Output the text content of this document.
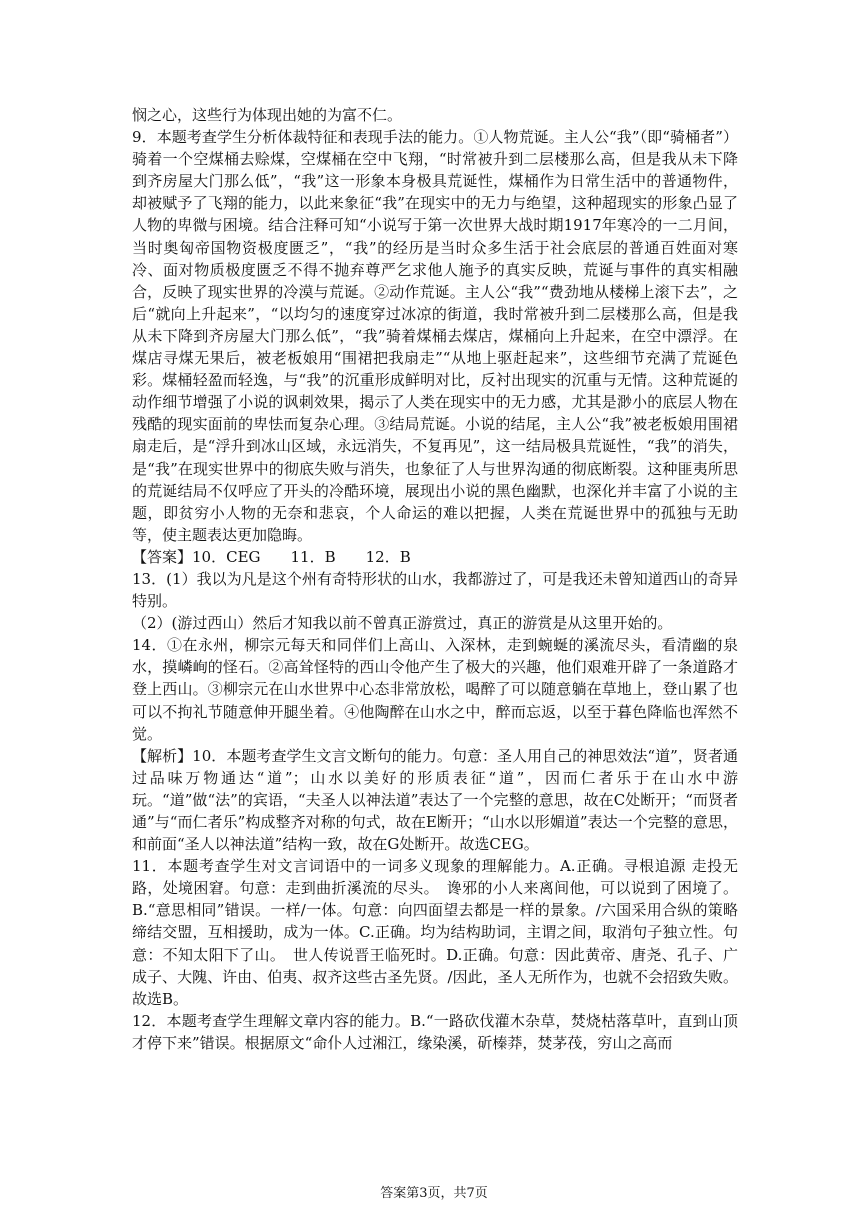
悯之心，这些行为体现出她的为富不仁。

9．本题考查学生分析体裁特征和表现手法的能力。①人物荒诞。主人公“我”（即“骑桶者”）骑着一个空煤桶去赊煤，空煤桶在空中飞翔，“时常被升到二层楼那么高，但是我从未下降到齐房屋大门那么低”，“我”这一形象本身极具荒诞性，煤桶作为日常生活中的普通物件，却被赋予了飞翔的能力，以此来象征“我”在现实中的无力与绝望，这种超现实的形象凸显了人物的卑微与困境。结合注释可知“小说写于第一次世界大战时期1917年寒冷的一二月间，当时奥匈帝国物资极度匮乏”，“我”的经历是当时众多生活于社会底层的普通百姓面对寒冷、面对物质极度匮乏不得不抛弃尊严乞求他人施予的真实反映，荒诞与事件的真实相融合，反映了现实世界的冷漠与荒诞。②动作荒诞。主人公“我”“费劲地从楼梯上滚下去”，之后“就向上升起来”，“以均匀的速度穿过冰凉的街道，我时常被升到二层楼那么高，但是我从未下降到齐房屋大门那么低”，“我”骑着煤桶去煤店，煤桶向上升起来，在空中漂浮。在煤店寻煤无果后，被老板娘用“围裙把我扇走”“从地上驱赶起来”，这些细节充满了荒诞色彩。煤桶轻盈而轻逸，与“我”的沉重形成鲜明对比，反衬出现实的沉重与无情。这种荒诞的动作细节增强了小说的讽刺效果，揭示了人类在现实中的无力感，尤其是渺小的底层人物在残酷的现实面前的卑怯而复杂心理。③结局荒诞。小说的结尾，主人公“我”被老板娘用围裙扇走后，是“浮升到冰山区域，永远消失，不复再见”，这一结局极具荒诞性，“我”的消失，是“我”在现实世界中的彻底失败与消失，也象征了人与世界沟通的彻底断裂。这种匪夷所思的荒诞结局不仅呼应了开头的冷酷环境，展现出小说的黑色幽默，也深化并丰富了小说的主题，即贫穷小人物的无奈和悲哀，个人命运的难以把握，人类在荒诞世界中的孤独与无助等，使主题表达更加隐晦。

【答案】10．CEG　　11．B　　12．B

13．(1）我以为凡是这个州有奇特形状的山水，我都游过了，可是我还未曾知道西山的奇异特别。

（2）(游过西山）然后才知我以前不曾真正游赏过，真正的游赏是从这里开始的。

14．①在永州，柳宗元每天和同伴们上高山、入深林，走到蜿蜒的溪流尽头，看清幽的泉水，摸嶙峋的怪石。②高耸怪特的西山令他产生了极大的兴趣，他们艰难开辟了一条道路才登上西山。③柳宗元在山水世界中心态非常放松，喝醉了可以随意躺在草地上，登山累了也可以不拘礼节随意伸开腿坐着。④他陶醉在山水之中，醉而忘返，以至于暮色降临也浑然不觉。

【解析】10．本题考查学生文言文断句的能力。句意：圣人用自己的神思效法“道”，贤者通过品味万物通达“道”；山水以美好的形质表征“道”，因而仁者乐于在山水中游玩。“道”做“法”的宾语，“夫圣人以神法道”表达了一个完整的意思，故在C处断开；“而贤者通”与“而仁者乐”构成整齐对称的句式，故在E断开；“山水以形媚道”表达一个完整的意思，和前面“圣人以神法道”结构一致，故在G处断开。故选CEG。

11．本题考查学生对文言词语中的一词多义现象的理解能力。A.正确。寻根追源 走投无路，处境困窘。句意：走到曲折溪流的尽头。　谗邪的小人来离间他，可以说到了困境了。B.“意思相同”错误。一样/一体。句意：向四面望去都是一样的景象。/六国采用合纵的策略缔结交盟，互相援助，成为一体。C.正确。均为结构助词，主谓之间，取消句子独立性。句意：不知太阳下了山。　世人传说晋王临死时。D.正确。句意：因此黄帝、唐尧、孔子、广成子、大隗、许由、伯夷、叔齐这些古圣先贤。/因此，圣人无所作为，也就不会招致失败。故选B。

12．本题考查学生理解文章内容的能力。B.“一路砍伐灌木杂草，焚烧枯落草叶，直到山顶才停下来”错误。根据原文“命仆人过湘江，缘染溪，斫榛莽，焚茅茷，穷山之高而

答案第3页，共7页
